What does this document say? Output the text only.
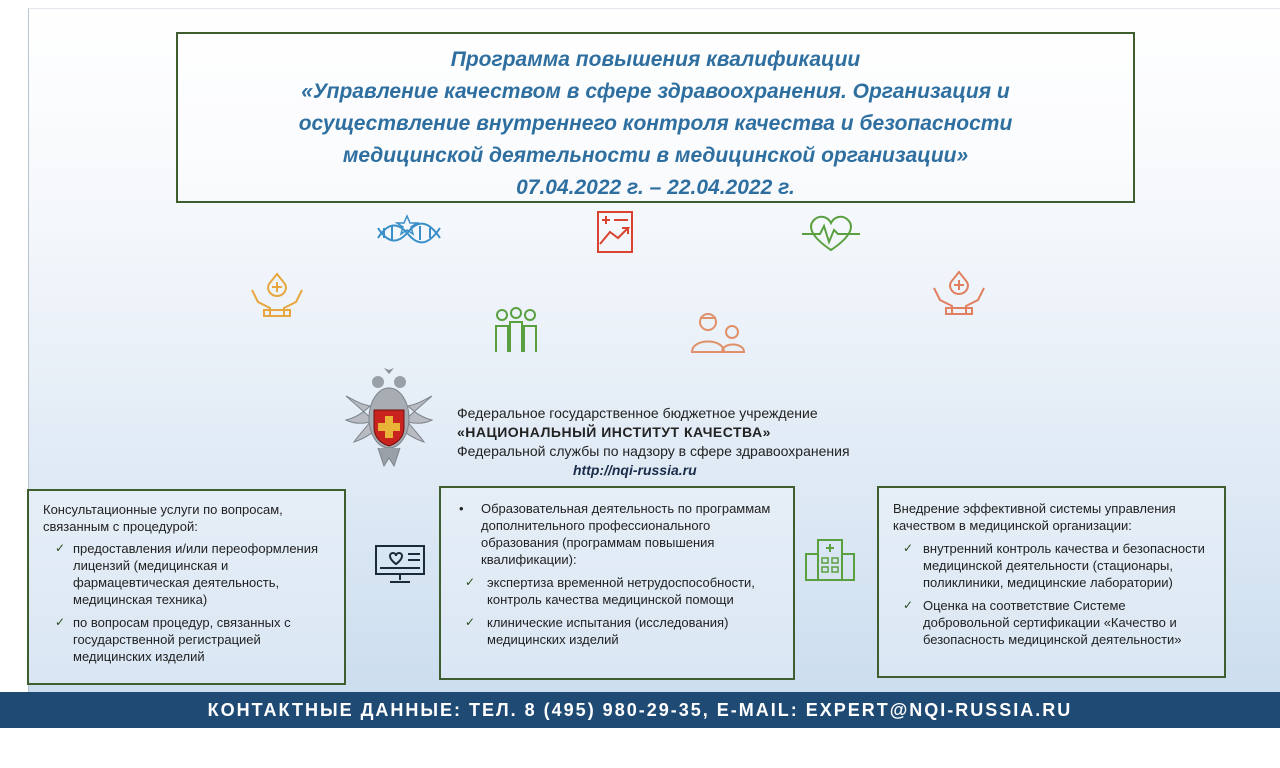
Программа повышения квалификации
«Управление качеством в сфере здравоохранения. Организация и
осуществление внутреннего контроля качества и безопасности
медицинской деятельности в медицинской организации»
07.04.2022 г. – 22.04.2022 г.
Федеральное государственное бюджетное учреждение
«НАЦИОНАЛЬНЫЙ ИНСТИТУТ КАЧЕСТВА»
Федеральной службы по надзору в сфере здравоохранения
http://nqi-russia.ru
Консультационные услуги по вопросам, связанным с процедурой:
✓ предоставления и/или переоформления лицензий (медицинская и фармацевтическая деятельность, медицинская техника)
✓ по вопросам процедур, связанных с государственной регистрацией медицинских изделий
• Образовательная деятельность по программам дополнительного профессионального образования (программам повышения квалификации):
✓ экспертиза временной нетрудоспособности, контроль качества медицинской помощи
✓ клинические испытания (исследования) медицинских изделий
Внедрение эффективной системы управления качеством в медицинской организации:
✓ внутренний контроль качества и безопасности медицинской деятельности (стационары, поликлиники, медицинские лаборатории)
✓ Оценка на соответствие Системе добровольной сертификации «Качество и безопасность медицинской деятельности»
КОНТАКТНЫЕ ДАННЫЕ: ТЕЛ. 8 (495) 980-29-35, E-MAIL: EXPERT@NQI-RUSSIA.RU
